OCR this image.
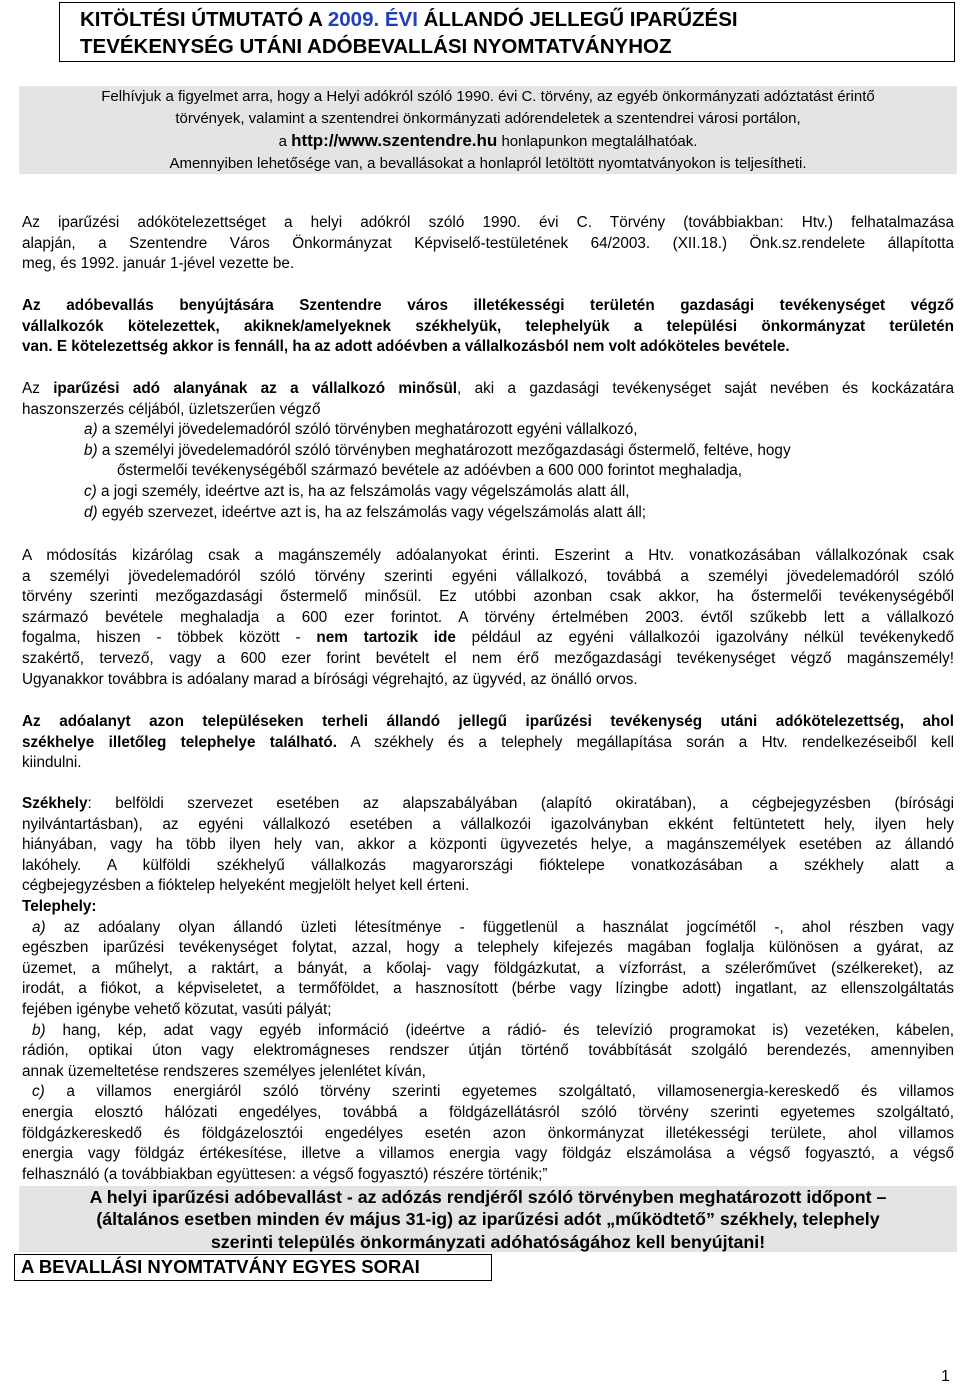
KITÖLTÉSI ÚTMUTATÓ A 2009. ÉVI ÁLLANDÓ JELLEGŰ IPARŰZÉSI
TEVÉKENYSÉG UTÁNI ADÓBEVALLÁSI NYOMTATVÁNYHOZ
Felhívjuk a figyelmet arra, hogy a Helyi adókról szóló 1990. évi C. törvény, az egyéb önkormányzati adóztatást érintő
törvények, valamint a szentendrei önkormányzati adórendeletek a szentendrei városi portálon,
a http://www.szentendre.hu honlapunkon megtalálhatóak.
Amennyiben lehetősége van, a bevallásokat a honlapról letöltött nyomtatványokon is teljesítheti.
Az iparűzési adókötelezettséget a helyi adókról szóló 1990. évi C. Törvény (továbbiakban: Htv.) felhatalmazása
alapján, a Szentendre Város Önkormányzat Képviselő-testületének 64/2003. (XII.18.) Önk.sz.rendelete állapította
meg, és 1992. január 1-jével vezette be.
Az adóbevallás benyújtására Szentendre város illetékességi területén gazdasági tevékenységet végző
vállalkozók kötelezettek, akiknek/amelyeknek székhelyük, telephelyük a települési önkormányzat területén
van. E kötelezettség akkor is fennáll, ha az adott adóévben a vállalkozásból nem volt adóköteles bevétele.
Az iparűzési adó alanyának az a vállalkozó minősül, aki a gazdasági tevékenységet saját nevében és kockázatára
haszonszerzés céljából, üzletszerűen végző
a) a személyi jövedelemadóról szóló törvényben meghatározott egyéni vállalkozó,
b) a személyi jövedelemadóról szóló törvényben meghatározott mezőgazdasági őstermelő, feltéve, hogy
őstermelői tevékenységéből származó bevétele az adóévben a 600 000 forintot meghaladja,
c) a jogi személy, ideértve azt is, ha az felszámolás vagy végelszámolás alatt áll,
d) egyéb szervezet, ideértve azt is, ha az felszámolás vagy végelszámolás alatt áll;
A módosítás kizárólag csak a magánszemély adóalanyokat érinti. Eszerint a Htv. vonatkozásában vállalkozónak csak
a személyi jövedelemadóról szóló törvény szerinti egyéni vállalkozó, továbbá a személyi jövedelemadóról szóló
törvény szerinti mezőgazdasági őstermelő minősül. Ez utóbbi azonban csak akkor, ha őstermelői tevékenységéből
származó bevétele meghaladja a 600 ezer forintot. A törvény értelmében 2003. évtől szűkebb lett a vállalkozó
fogalma, hiszen - többek között - nem tartozik ide például az egyéni vállalkozói igazolvány nélkül tevékenykedő
szakértő, tervező, vagy a 600 ezer forint bevételt el nem érő mezőgazdasági tevékenységet végző magánszemély!
Ugyanakkor továbbra is adóalany marad a bírósági végrehajtó, az ügyvéd, az önálló orvos.
Az adóalanyt azon településeken terheli állandó jellegű iparűzési tevékenység utáni adókötelezettség, ahol
székhelye illetőleg telephelye található. A székhely és a telephely megállapítása során a Htv. rendelkezéseiből kell
kiindulni.
Székhely: belföldi szervezet esetében az alapszabályában (alapító okiratában), a cégbejegyzésben (bírósági
nyilvántartásban), az egyéni vállalkozó esetében a vállalkozói igazolványban ekként feltüntetett hely, ilyen hely
hiányában, vagy ha több ilyen hely van, akkor a központi ügyvezetés helye, a magánszemélyek esetében az állandó
lakóhely. A külföldi székhelyű vállalkozás magyarországi fióktelepe vonatkozásában a székhely alatt a
cégbejegyzésben a fióktelep helyeként megjelölt helyet kell érteni.
Telephely:
a) az adóalany olyan állandó üzleti létesítménye - függetlenül a használat jogcímétől -, ahol részben vagy
egészben iparűzési tevékenységet folytat, azzal, hogy a telephely kifejezés magában foglalja különösen a gyárat, az
üzemet, a műhelyt, a raktárt, a bányát, a kőolaj- vagy földgázkutat, a vízforrást, a szélerőművet (szélkereket), az
irodát, a fiókot, a képviseletet, a termőföldet, a hasznosított (bérbe vagy lízingbe adott) ingatlant, az ellenszolgáltatás
fejében igénybe vehető közutat, vasúti pályát;
b) hang, kép, adat vagy egyéb információ (ideértve a rádió- és televízió programokat is) vezetéken, kábelen,
rádión, optikai úton vagy elektromágneses rendszer útján történő továbbítását szolgáló berendezés, amennyiben
annak üzemeltetése rendszeres személyes jelenlétet kíván,
c) a villamos energiáról szóló törvény szerinti egyetemes szolgáltató, villamosenergia-kereskedő és villamos
energia elosztó hálózati engedélyes, továbbá a földgázellátásról szóló törvény szerinti egyetemes szolgáltató,
földgázkereskedő és földgázelosztói engedélyes esetén azon önkormányzat illetékességi területe, ahol villamos
energia vagy földgáz értékesítése, illetve a villamos energia vagy földgáz elszámolása a végső fogyasztó, a végső
felhasználó (a továbbiakban együttesen: a végső fogyasztó) részére történik;”
A helyi iparűzési adóbevallást - az adózás rendjéről szóló törvényben meghatározott időpont –
(általános esetben minden év május 31-ig) az iparűzési adót „működtető” székhely, telephely
szerinti település önkormányzati adóhatóságához kell benyújtani!
A BEVALLÁSI NYOMTATVÁNY EGYES SORAI
1
